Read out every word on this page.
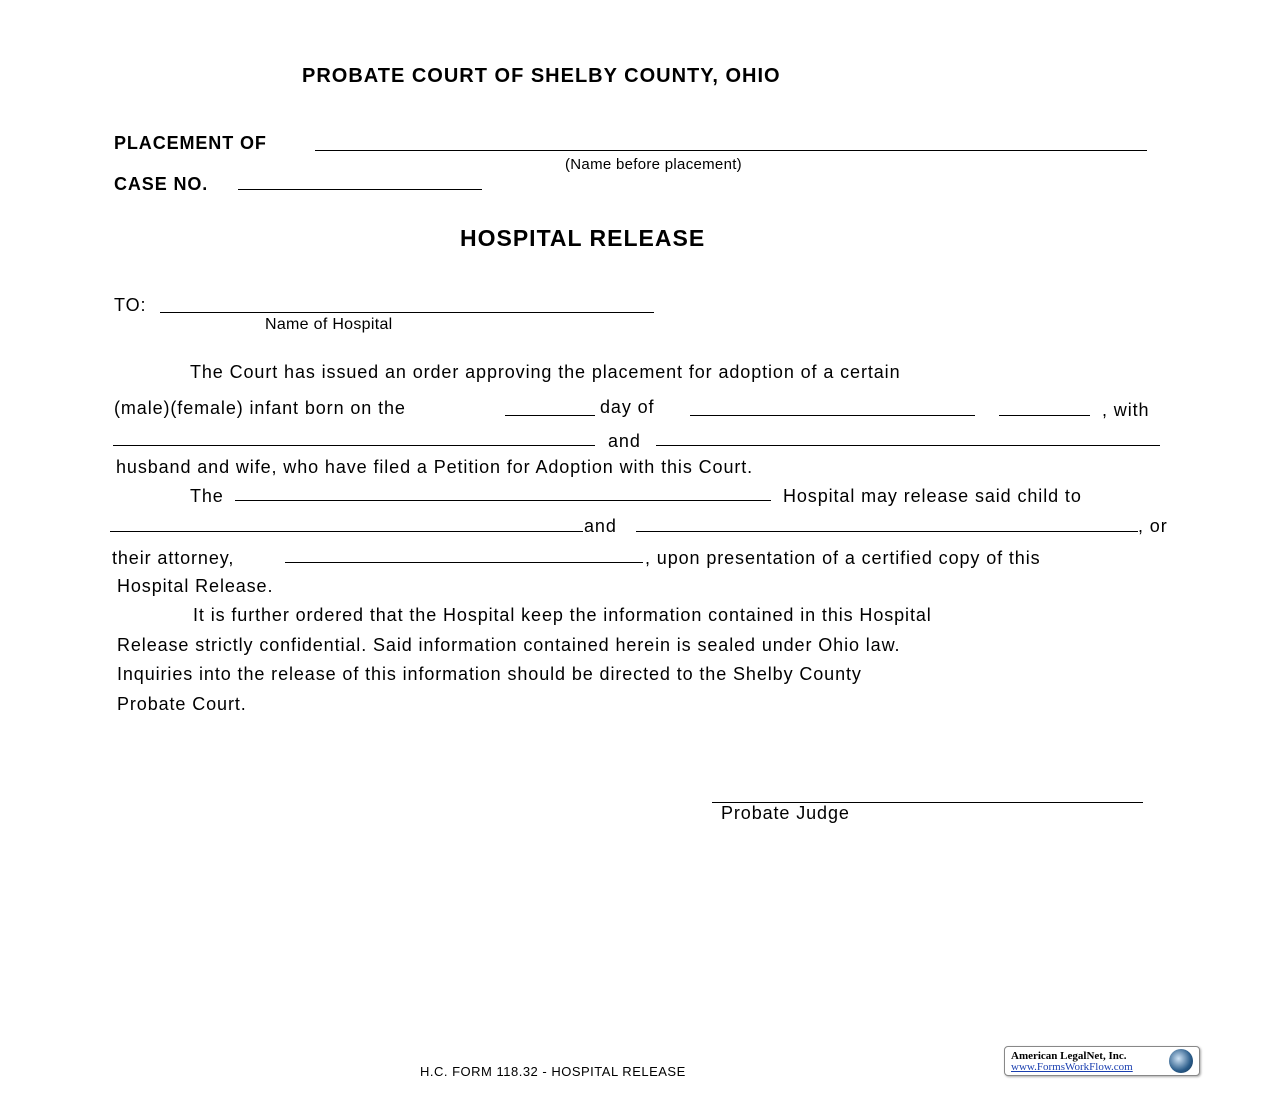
PROBATE COURT OF SHELBY COUNTY, OHIO
PLACEMENT OF
(Name before placement)
CASE NO.
HOSPITAL RELEASE
TO:
Name of Hospital
The Court has issued an order approving the placement for adoption of a certain
(male)(female) infant born on the	day of	, with
and
husband and wife, who have filed a Petition for Adoption with this Court.
The	Hospital may release said child to
and	, or
their attorney,	, upon presentation of a certified copy of this
Hospital Release.
It is further ordered that the Hospital keep the information contained in this Hospital
Release strictly confidential. Said information contained herein is sealed under Ohio law.
Inquiries into the release of this information should be directed to the Shelby County
Probate Court.
Probate Judge
H.C. FORM 118.32 - HOSPITAL RELEASE
American LegalNet, Inc.
www.FormsWorkFlow.com
